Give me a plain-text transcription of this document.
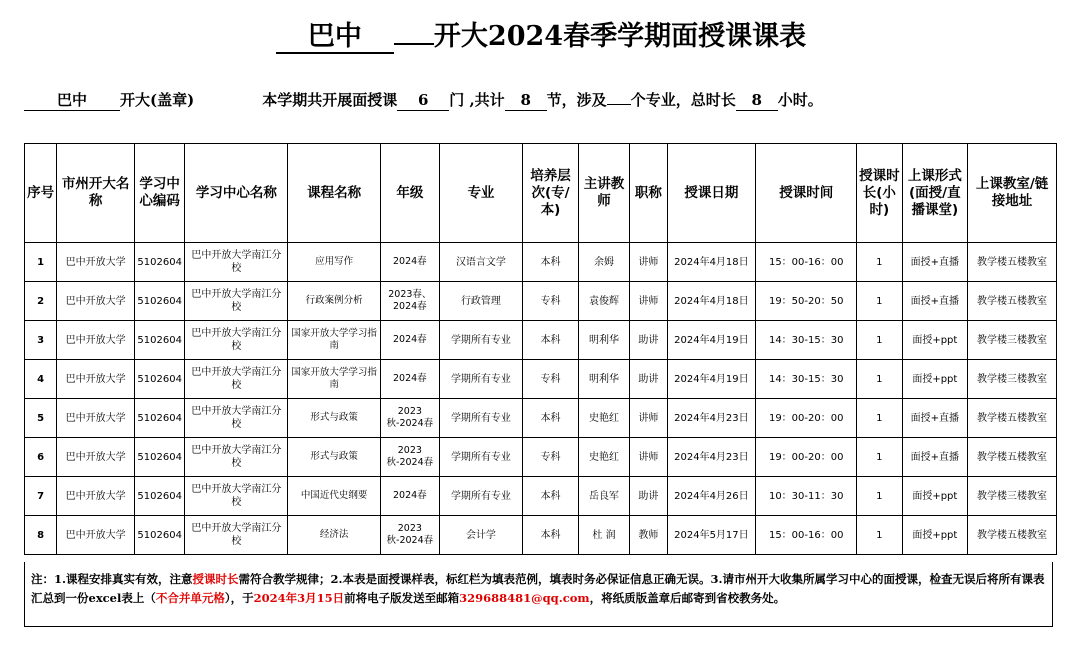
巴中	开大2024春季学期面授课课表
巴中 开大(盖章)	本学期共开展面授课 6 门 ,共计 8 节，涉及 个专业，总时长 8 小时。
序号	市州开大名称	学习中心编码	学习中心名称	课程名称	年级	专业	培养层次(专/本)	主讲教师	职称	授课日期	授课时间	授课时长(小时)	上课形式(面授/直播课堂)	上课教室/链接地址
1	巴中开放大学	5102604	巴中开放大学南江分校	应用写作	2024春	汉语言文学	本科	余姆	讲师	2024年4月18日	15：00-16：00	1	面授+直播	教学楼五楼教室
2	巴中开放大学	5102604	巴中开放大学南江分校	行政案例分析	2023春、2024春	行政管理	专科	袁俊辉	讲师	2024年4月18日	19：50-20：50	1	面授+直播	教学楼五楼教室
3	巴中开放大学	5102604	巴中开放大学南江分校	国家开放大学学习指南	2024春	学期所有专业	本科	明利华	助讲	2024年4月19日	14：30-15：30	1	面授+ppt	教学楼三楼教室
4	巴中开放大学	5102604	巴中开放大学南江分校	国家开放大学学习指南	2024春	学期所有专业	专科	明利华	助讲	2024年4月19日	14：30-15：30	1	面授+ppt	教学楼三楼教室
5	巴中开放大学	5102604	巴中开放大学南江分校	形式与政策	2023秋-2024春	学期所有专业	本科	史艳红	讲师	2024年4月23日	19：00-20：00	1	面授+直播	教学楼五楼教室
6	巴中开放大学	5102604	巴中开放大学南江分校	形式与政策	2023秋-2024春	学期所有专业	专科	史艳红	讲师	2024年4月23日	19：00-20：00	1	面授+直播	教学楼五楼教室
7	巴中开放大学	5102604	巴中开放大学南江分校	中国近代史纲要	2024春	学期所有专业	本科	岳良军	助讲	2024年4月26日	10：30-11：30	1	面授+ppt	教学楼三楼教室
8	巴中开放大学	5102604	巴中开放大学南江分校	经济法	2023秋-2024春	会计学	本科	杜 润	教师	2024年5月17日	15：00-16：00	1	面授+ppt	教学楼五楼教室
注：1.课程安排真实有效，注意授课时长需符合教学规律；2.本表是面授课样表，标红栏为填表范例，填表时务必保证信息正确无误。3.请市州开大收集所属学习中心的面授课，检查无误后将所有课表汇总到一份excel表上（不合并单元格），于2024年3月15日前将电子版发送至邮箱329688481@qq.com，将纸质版盖章后邮寄到省校教务处。
